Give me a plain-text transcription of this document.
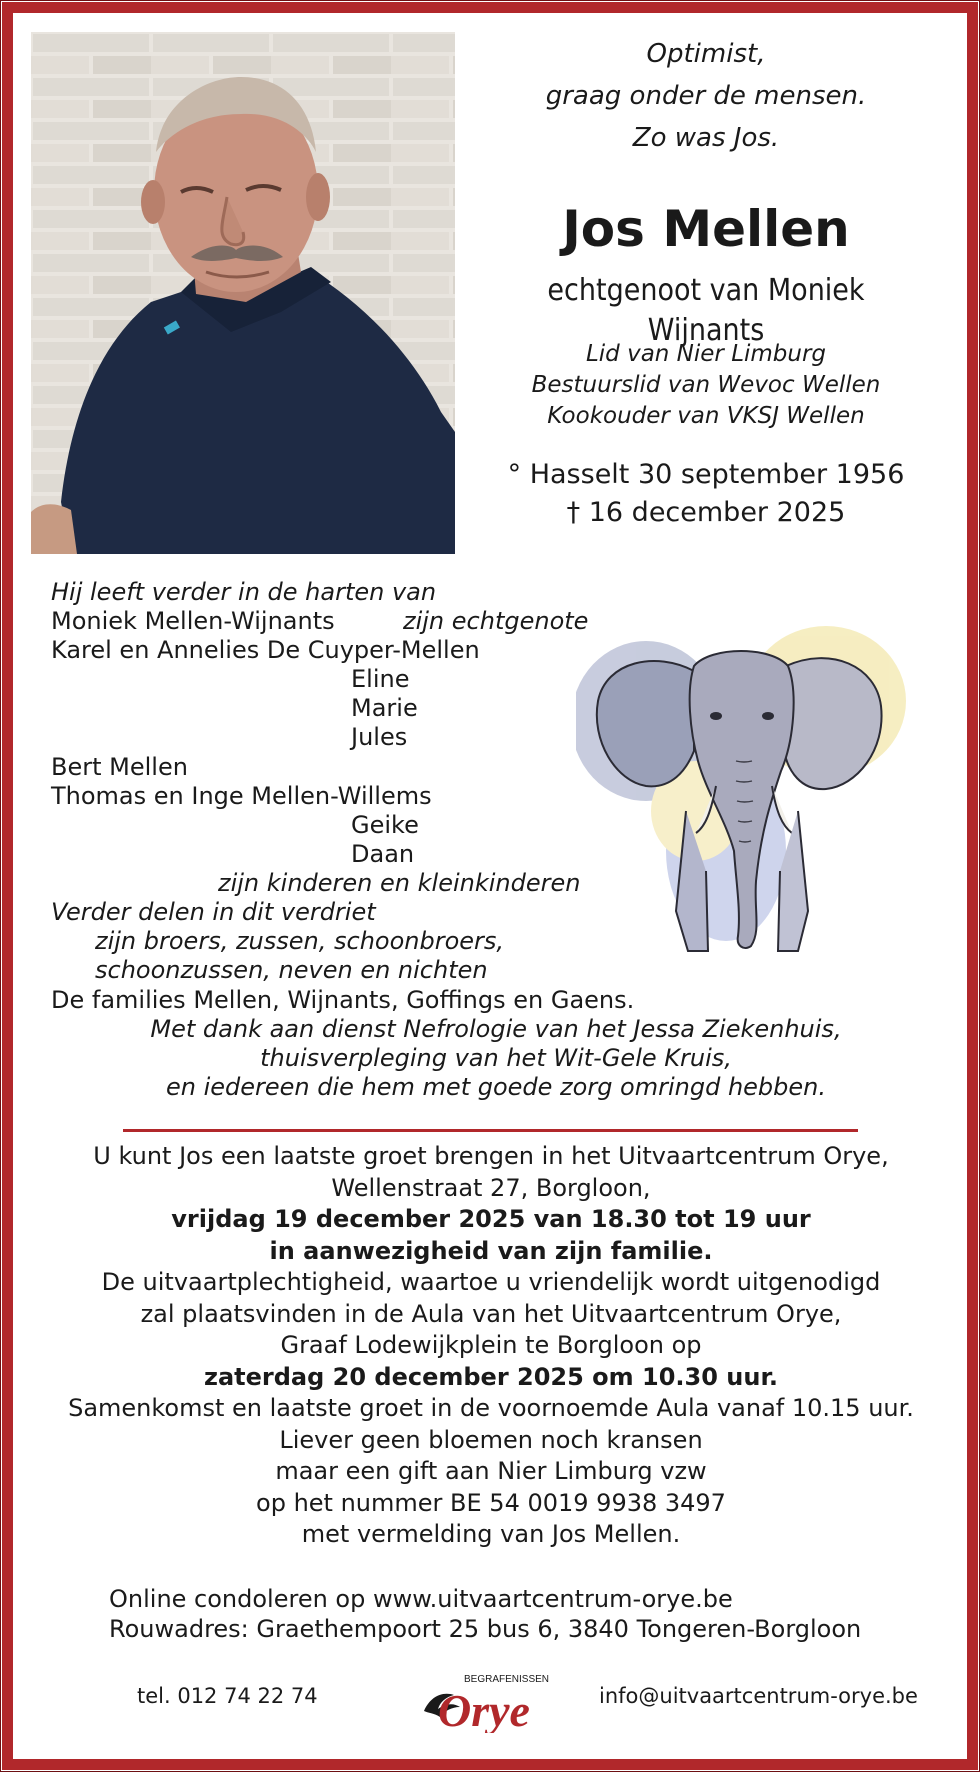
Optimist,
graag onder de mensen.
Zo was Jos.
Jos Mellen
echtgenoot van Moniek Wijnants
Lid van Nier Limburg
Bestuurslid van Wevoc Wellen
Kookouder van VKSJ Wellen
° Hasselt 30 september 1956
† 16 december 2025
Hij leeft verder in de harten van
Moniek Mellen-Wijnants	zijn echtgenote
Karel en Annelies De Cuyper-Mellen
Eline
Marie
Jules
Bert Mellen
Thomas en Inge Mellen-Willems
Geike
Daan
zijn kinderen en kleinkinderen
Verder delen in dit verdriet
zijn broers, zussen, schoonbroers,
schoonzussen, neven en nichten
De families Mellen, Wijnants, Goffings en Gaens.
Met dank aan dienst Nefrologie van het Jessa Ziekenhuis,
thuisverpleging van het Wit-Gele Kruis,
en iedereen die hem met goede zorg omringd hebben.
U kunt Jos een laatste groet brengen in het Uitvaartcentrum Orye,
Wellenstraat 27, Borgloon,
vrijdag 19 december 2025 van 18.30 tot 19 uur
in aanwezigheid van zijn familie.
De uitvaartplechtigheid, waartoe u vriendelijk wordt uitgenodigd
zal plaatsvinden in de Aula van het Uitvaartcentrum Orye,
Graaf Lodewijkplein te Borgloon op
zaterdag 20 december 2025 om 10.30 uur.
Samenkomst en laatste groet in de voornoemde Aula vanaf 10.15 uur.
Liever geen bloemen noch kransen
maar een gift aan Nier Limburg vzw
op het nummer BE 54 0019 9938 3497
met vermelding van Jos Mellen.
Online condoleren op www.uitvaartcentrum-orye.be
Rouwadres: Graethempoort 25 bus 6, 3840 Tongeren-Borgloon
tel. 012 74 22 74	info@uitvaartcentrum-orye.be
BEGRAFENISSEN
Orye
